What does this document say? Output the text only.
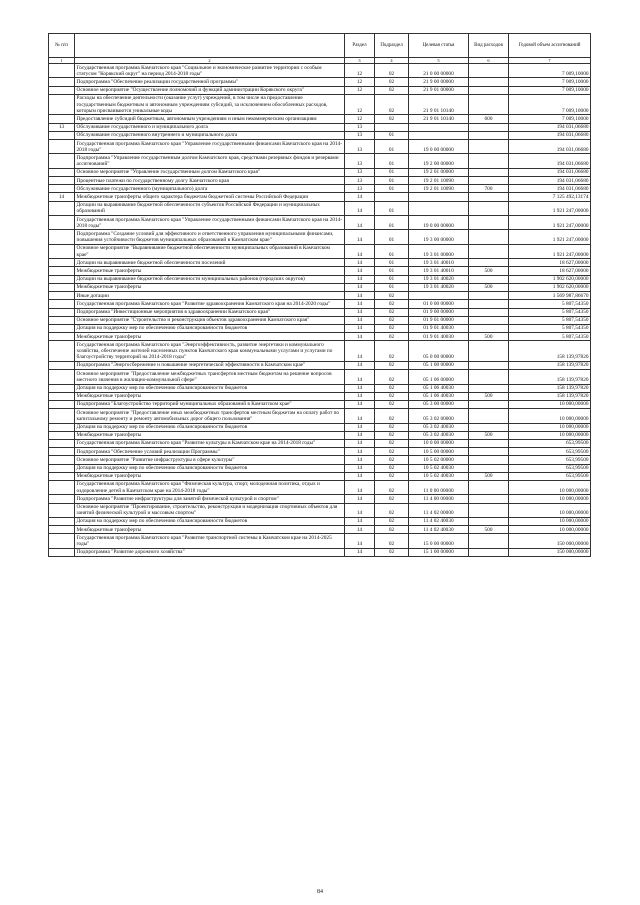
№ п/п		Раздел	Подраздел	Целевая статья	Вид расходов	Годовой объем ассигнований
1	2	3	4	5	6	7
	Государственная программа Камчатского края "Социальное и экономическое развитие территории с особым статусом "Корякский округ" на период 2014-2018 годы"	12	02	21 0 00 00000		7 009,10000
	Подпрограмма "Обеспечение реализации государственной программы"	12	02	21 9 00 00000		7 009,10000
	Основное мероприятие "Осуществление полномочий и функций администрации Корякского округа"	12	02	21 9 01 00000		7 009,10000
	Расходы на обеспечение деятельности (оказание услуг) учреждений, в том числе на предоставление государственным бюджетным и автономным учреждениям субсидий, за исключением обособленных расходов, которым присваиваются уникальные коды	12	02	21 9 01 10140		7 009,10000
	Предоставление субсидий бюджетным, автономным учреждениям и иным некоммерческим организациям	12	02	21 9 01 10140	600	7 009,10000
13	Обслуживание государственного и муниципального долга	13				194 031,06680
	Обслуживание государственного внутреннего и муниципального долга	13	01			194 031,06680
	Государственная программа Камчатского края "Управление государственными финансами Камчатского края на 2014-2018 годы"	13	01	19 0 00 00000		194 031,06680
	Подпрограмма "Управление государственным долгом Камчатского края, средствами резервных фондов и резервами ассигнований"	13	01	19 2 00 00000		194 031,06680
	Основное мероприятие "Управление государственным долгом Камчатского края"	13	01	19 2 01 00000		194 031,06680
	Процентные платежи по государственному долгу Камчатского края	13	01	19 2 01 10090		194 031,06680
	Обслуживание государственного (муниципального) долга	13	01	19 2 01 10090	700	194 031,06680
14	Межбюджетные трансферты общего характера бюджетам бюджетной системы Российской Федерации	14				7 125 492,13174
	Дотации на выравнивание бюджетной обеспеченности субъектов Российской Федерации и муниципальных образований	14	01			1 921 247,00000
	Государственная программа Камчатского края "Управление государственными финансами Камчатского края на 2014-2018 годы"	14	01	19 0 00 00000		1 921 247,00000
	Подпрограмма "Создание условий для эффективного и ответственного управления муниципальными финансами, повышения устойчивости бюджетов муниципальных образований в Камчатском крае"	14	01	19 3 00 00000		1 921 247,00000
	Основное мероприятие "Выравнивание бюджетной обеспеченности муниципальных образований в Камчатском крае"	14	01	19 3 01 00000		1 921 247,00000
	Дотации на выравнивание бюджетной обеспеченности поселений	14	01	19 3 01 40010		18 627,00000
	Межбюджетные трансферты	14	01	19 3 01 40010	500	18 627,00000
	Дотации на выравнивание бюджетной обеспеченности муниципальных районов (городских округов)	14	01	19 3 01 40020		1 902 620,00000
	Межбюджетные трансферты	14	01	19 3 01 40020	500	1 902 620,00000
	Иные дотации	14	02			1 569 987,86670
	Государственная программа Камчатского края "Развитие здравоохранения Камчатского края на 2014-2020 годы"	14	02	01 0 00 00000		5 807,54350
	Подпрограмма "Инвестиционные мероприятия в здравоохранении Камчатского края"	14	02	01 9 00 00000		5 807,54350
	Основное мероприятие "Строительство и реконструкция объектов здравоохранения Камчатского края"	14	02	01 9 01 00000		5 807,54350
	Дотация на поддержку мер по обеспечению сбалансированности бюджетов	14	02	01 9 01 40030		5 807,54350
	Межбюджетные трансферты	14	02	01 9 01 40030	500	5 807,54350
	Государственная программа Камчатского края "Энергоэффективность, развитие энергетики и коммунального хозяйства, обеспечение жителей населенных пунктов Камчатского края коммунальными услугами и услугами по благоустройству территорий на 2014-2018 годы"	14	02	05 0 00 00000		158 139,97820
	Подпрограмма "Энергосбережение и повышение энергетической эффективности в Камчатском крае"	14	02	05 1 00 00000		158 139,97820
	Основное мероприятие "Предоставление межбюджетных трансфертов местным бюджетам на решение вопросов местного значения в жилищно-коммунальной сфере"	14	02	05 1 06 00000		158 139,97820
	Дотация на поддержку мер по обеспечению сбалансированности бюджетов	14	02	05 1 06 40030		158 139,97820
	Межбюджетные трансферты	14	02	05 1 06 40030	500	158 139,97820
	Подпрограмма "Благоустройство территорий муниципальных образований в Камчатском крае"	14	02	05 3 00 00000		10 000,00000
	Основное мероприятие "Предоставление иных межбюджетных трансфертов местным бюджетам на оплату работ по капитальному ремонту и ремонту автомобильных дорог общего пользования"	14	02	05 3 02 00000		10 000,00000
	Дотация на поддержку мер по обеспечению сбалансированности бюджетов	14	02	05 3 02 40030		10 000,00000
	Межбюджетные трансферты	14	02	05 3 02 40030	500	10 000,00000
	Государственная программа Камчатского края "Развитие культуры в Камчатском крае на 2014-2018 годы"	14	02	10 0 00 00000		653,99500
	Подпрограмма "Обеспечение условий реализации Программы"	14	02	10 5 00 00000		653,99500
	Основное мероприятие "Развитие инфраструктуры в сфере культуры"	14	02	10 5 02 00000		653,99500
	Дотация на поддержку мер по обеспечению сбалансированности бюджетов	14	02	10 5 02 40030		653,99500
	Межбюджетные трансферты	14	02	10 5 02 40030	500	653,99500
	Государственная программа Камчатского края "Физическая культура, спорт, молодежная политика, отдых и оздоровление детей в Камчатском крае на 2014-2018 годы"	14	02	11 0 00 00000		10 000,00000
	Подпрограмма "Развитие инфраструктуры для занятий физической культурой и спортом"	14	02	11 4 00 00000		10 000,00000
	Основное мероприятие "Проектирование, строительство, реконструкция и модернизация спортивных объектов для занятий физической культурой и массовым спортом"	14	02	11 4 02 00000		10 000,00000
	Дотация на поддержку мер по обеспечению сбалансированности бюджетов	14	02	11 4 02 40030		10 000,00000
	Межбюджетные трансферты	14	02	11 4 02 40030	500	10 000,00000
	Государственная программа Камчатского края "Развитие транспортной системы в Камчатском крае на 2014-2025 годы"	14	02	15 0 00 00000		150 000,00000
	Подпрограмма "Развитие дорожного хозяйства"	14	02	15 1 00 00000		150 000,00000
84
